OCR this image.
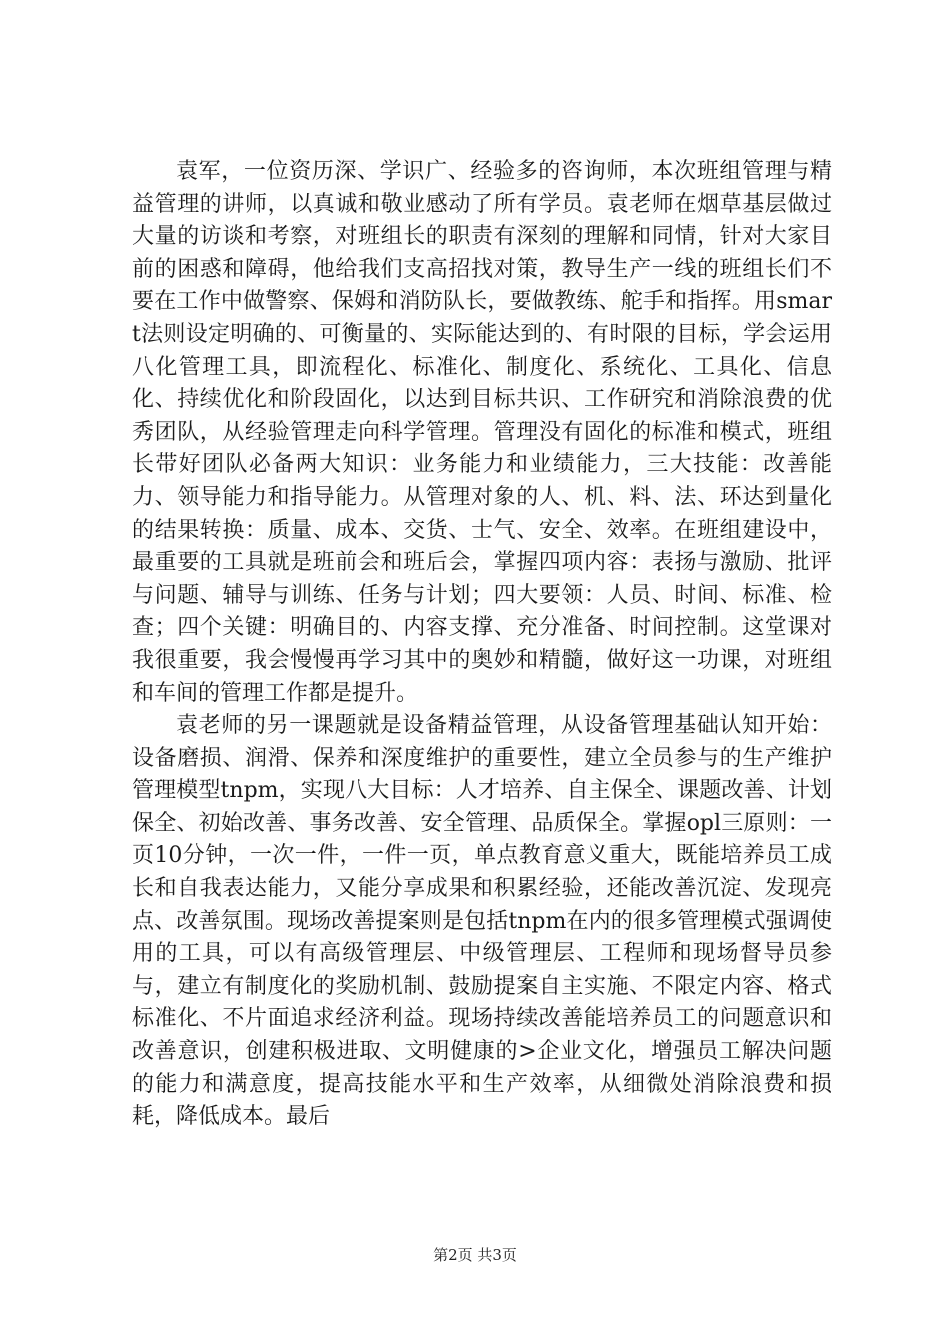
袁军，一位资历深、学识广、经验多的咨询师，本次班组管理与精益管理的讲师，以真诚和敬业感动了所有学员。袁老师在烟草基层做过大量的访谈和考察，对班组长的职责有深刻的理解和同情，针对大家目前的困惑和障碍，他给我们支高招找对策，教导生产一线的班组长们不要在工作中做警察、保姆和消防队长，要做教练、舵手和指挥。用smart法则设定明确的、可衡量的、实际能达到的、有时限的目标，学会运用八化管理工具，即流程化、标准化、制度化、系统化、工具化、信息化、持续优化和阶段固化，以达到目标共识、工作研究和消除浪费的优秀团队，从经验管理走向科学管理。管理没有固化的标准和模式，班组长带好团队必备两大知识：业务能力和业绩能力，三大技能：改善能力、领导能力和指导能力。从管理对象的人、机、料、法、环达到量化的结果转换：质量、成本、交货、士气、安全、效率。在班组建设中，最重要的工具就是班前会和班后会，掌握四项内容：表扬与激励、批评与问题、辅导与训练、任务与计划；四大要领：人员、时间、标准、检查；四个关键：明确目的、内容支撑、充分准备、时间控制。这堂课对我很重要，我会慢慢再学习其中的奥妙和精髓，做好这一功课，对班组和车间的管理工作都是提升。

袁老师的另一课题就是设备精益管理，从设备管理基础认知开始：设备磨损、润滑、保养和深度维护的重要性，建立全员参与的生产维护管理模型tnpm，实现八大目标：人才培养、自主保全、课题改善、计划保全、初始改善、事务改善、安全管理、品质保全。掌握opl三原则：一页10分钟，一次一件，一件一页，单点教育意义重大，既能培养员工成长和自我表达能力，又能分享成果和积累经验，还能改善沉淀、发现亮点、改善氛围。现场改善提案则是包括tnpm在内的很多管理模式强调使用的工具，可以有高级管理层、中级管理层、工程师和现场督导员参与，建立有制度化的奖励机制、鼓励提案自主实施、不限定内容、格式标准化、不片面追求经济利益。现场持续改善能培养员工的问题意识和改善意识，创建积极进取、文明健康的>企业文化，增强员工解决问题的能力和满意度，提高技能水平和生产效率，从细微处消除浪费和损耗，降低成本。最后

第2页 共3页
